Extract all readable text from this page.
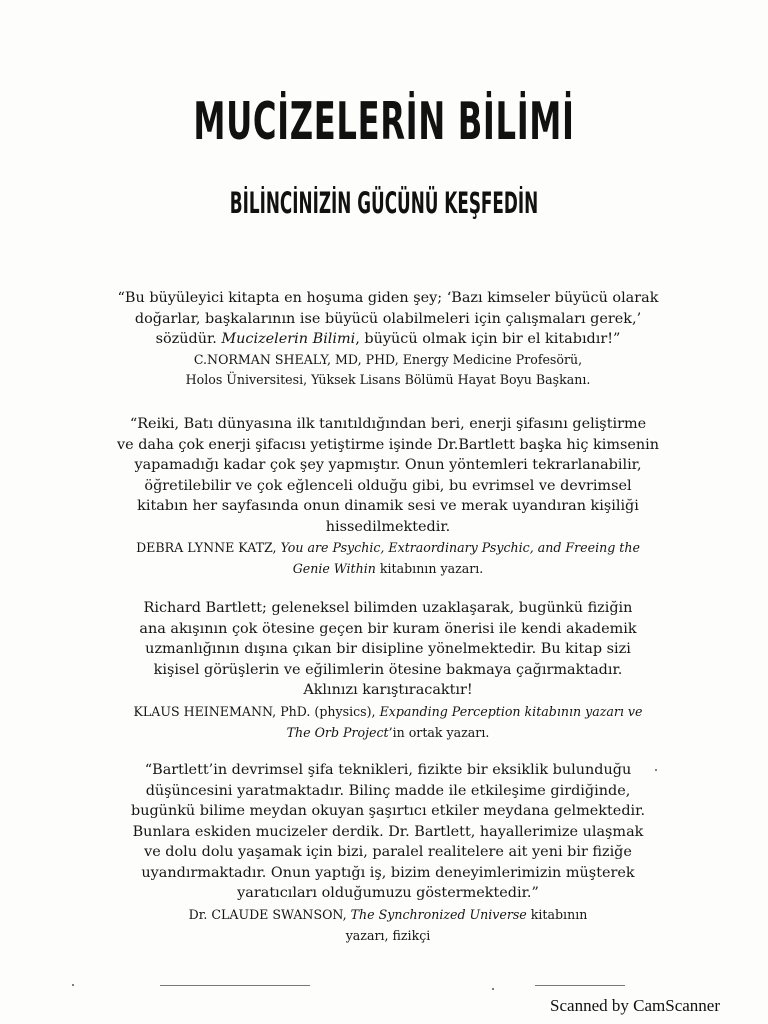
MUCİZELERİN BİLİMİ
BİLİNCİNİZİN GÜCÜNÜ KEŞFEDİN

“Bu büyüleyici kitapta en hoşuma giden şey; ‘Bazı kimseler büyücü olarak

doğarlar, başkalarının ise büyücü olabilmeleri için çalışmaları gerek,’

sözüdür. Mucizelerin Bilimi, büyücü olmak için bir el kitabıdır!”

C.NORMAN SHEALY, MD, PHD, Energy Medicine Profesörü,

Holos Üniversitesi, Yüksek Lisans Bölümü Hayat Boyu Başkanı.

“Reiki, Batı dünyasına ilk tanıtıldığından beri, enerji şifasını geliştirme

ve daha çok enerji şifacısı yetiştirme işinde Dr.Bartlett başka hiç kimsenin

yapamadığı kadar çok şey yapmıştır. Onun yöntemleri tekrarlanabilir,

öğretilebilir ve çok eğlenceli olduğu gibi, bu evrimsel ve devrimsel

kitabın her sayfasında onun dinamik sesi ve merak uyandıran kişiliği

hissedilmektedir.

DEBRA LYNNE KATZ, You are Psychic, Extraordinary Psychic, and Freeing the

Genie Within kitabının yazarı.

Richard Bartlett; geleneksel bilimden uzaklaşarak, bugünkü fiziğin

ana akışının çok ötesine geçen bir kuram önerisi ile kendi akademik

uzmanlığının dışına çıkan bir disipline yönelmektedir. Bu kitap sizi

kişisel görüşlerin ve eğilimlerin ötesine bakmaya çağırmaktadır.

Aklınızı karıştıracaktır!

KLAUS HEINEMANN, PhD. (physics), Expanding Perception kitabının yazarı ve

The Orb Project’in ortak yazarı.

“Bartlett’in devrimsel şifa teknikleri, fizikte bir eksiklik bulunduğu

düşüncesini yaratmaktadır. Bilinç madde ile etkileşime girdiğinde,

bugünkü bilime meydan okuyan şaşırtıcı etkiler meydana gelmektedir.

Bunlara eskiden mucizeler derdik. Dr. Bartlett, hayallerimize ulaşmak

ve dolu dolu yaşamak için bizi, paralel realitelere ait yeni bir fiziğe

uyandırmaktadır. Onun yaptığı iş, bizim deneyimlerimizin müşterek

yaratıcıları olduğumuzu göstermektedir.”

Dr. CLAUDE SWANSON, The Synchronized Universe kitabının

yazarı, fizikçi

Scanned by CamScanner
